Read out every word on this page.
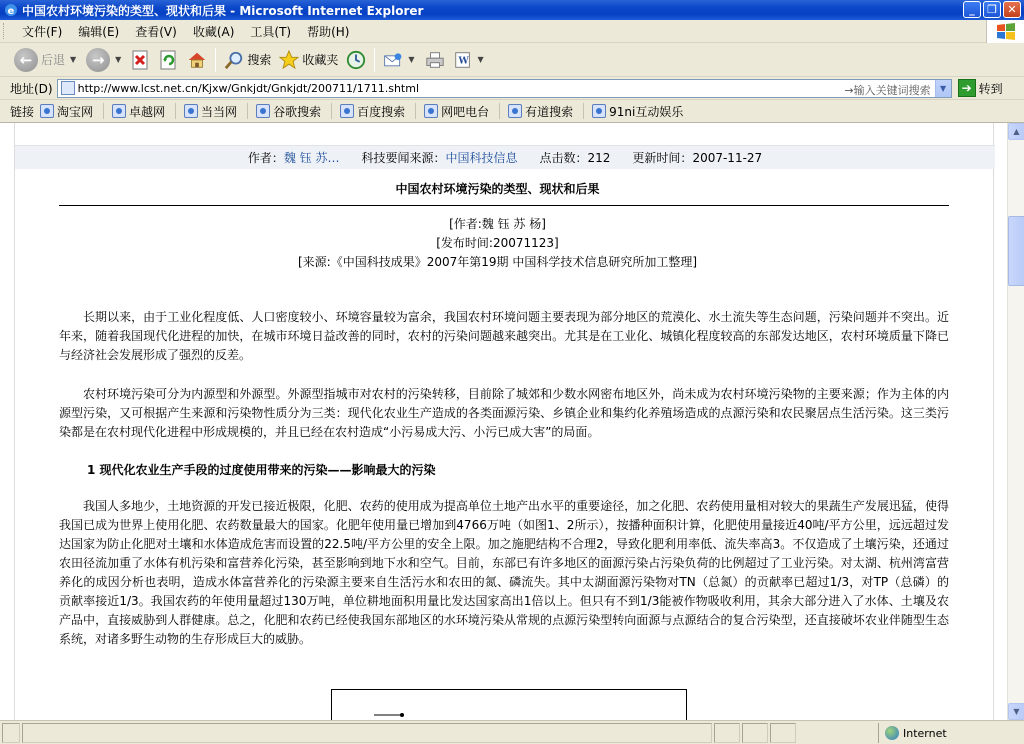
e 中国农村环境污染的类型、现状和后果 - Microsoft Internet Explorer	_	❐ ✕
文件(F)	编辑(E)	查看(V)	收藏(A)	工具(T)	帮助(H)
← 后退 ▼	→	▼	搜索	收藏夹	▼	W ▼
地址(D) http://www.lcst.net.cn/Kjxw/Gnkjdt/Gnkjdt/200711/1711.shtml	→输入关键词搜索	▼	➔ 转到
链接 淘宝网	卓越网	当当网	谷歌搜索	百度搜索	网吧电台	有道搜索	91ni互动娱乐
作者：魏 钰 苏… 科技要闻来源：中国科技信息 点击数：212 更新时间：2007-11-27
中国农村环境污染的类型、现状和后果
[作者:魏 钰 苏 杨]
[发布时间:20071123]
[来源:《中国科技成果》2007年第19期 中国科学技术信息研究所加工整理]

长期以来，由于工业化程度低、人口密度较小、环境容量较为富余，我国农村环境问题主要表现为部分地区的荒漠化、水土流失等生态问题，污染问题并不突出。近年来，随着我国现代化进程的加快，在城市环境日益改善的同时，农村的污染问题越来越突出。尤其是在工业化、城镇化程度较高的东部发达地区，农村环境质量下降已与经济社会发展形成了强烈的反差。

农村环境污染可分为内源型和外源型。外源型指城市对农村的污染转移，目前除了城郊和少数水网密布地区外，尚未成为农村环境污染物的主要来源；作为主体的内源型污染，又可根据产生来源和污染物性质分为三类：现代化农业生产造成的各类面源污染、乡镇企业和集约化养殖场造成的点源污染和农民聚居点生活污染。这三类污染都是在农村现代化进程中形成规模的，并且已经在农村造成“小污易成大污、小污已成大害”的局面。

1 现代化农业生产手段的过度使用带来的污染——影响最大的污染

我国人多地少，土地资源的开发已接近极限，化肥、农药的使用成为提高单位土地产出水平的重要途径，加之化肥、农药使用量相对较大的果蔬生产发展迅猛，使得我国已成为世界上使用化肥、农药数量最大的国家。化肥年使用量已增加到4766万吨（如图1、2所示），按播种面积计算，化肥使用量接近40吨/平方公里，远远超过发达国家为防止化肥对土壤和水体造成危害而设置的22.5吨/平方公里的安全上限。加之施肥结构不合理2，导致化肥利用率低、流失率高3。不仅造成了土壤污染，还通过农田径流加重了水体有机污染和富营养化污染，甚至影响到地下水和空气。目前，东部已有许多地区的面源污染占污染负荷的比例超过了工业污染。对太湖、杭州湾富营养化的成因分析也表明，造成水体富营养化的污染源主要来自生活污水和农田的氮、磷流失。其中太湖面源污染物对TN（总氮）的贡献率已超过1/3，对TP（总磷）的贡献率接近1/3。我国农药的年使用量超过130万吨，单位耕地面积用量比发达国家高出1倍以上。但只有不到1/3能被作物吸收利用，其余大部分进入了水体、土壤及农产品中，直接威胁到人群健康。总之，化肥和农药已经使我国东部地区的水环境污染从常规的点源污染型转向面源与点源结合的复合污染型，还直接破坏农业伴随型生态系统，对诸多野生动物的生存形成巨大的威胁。

▲
▼
Internet
